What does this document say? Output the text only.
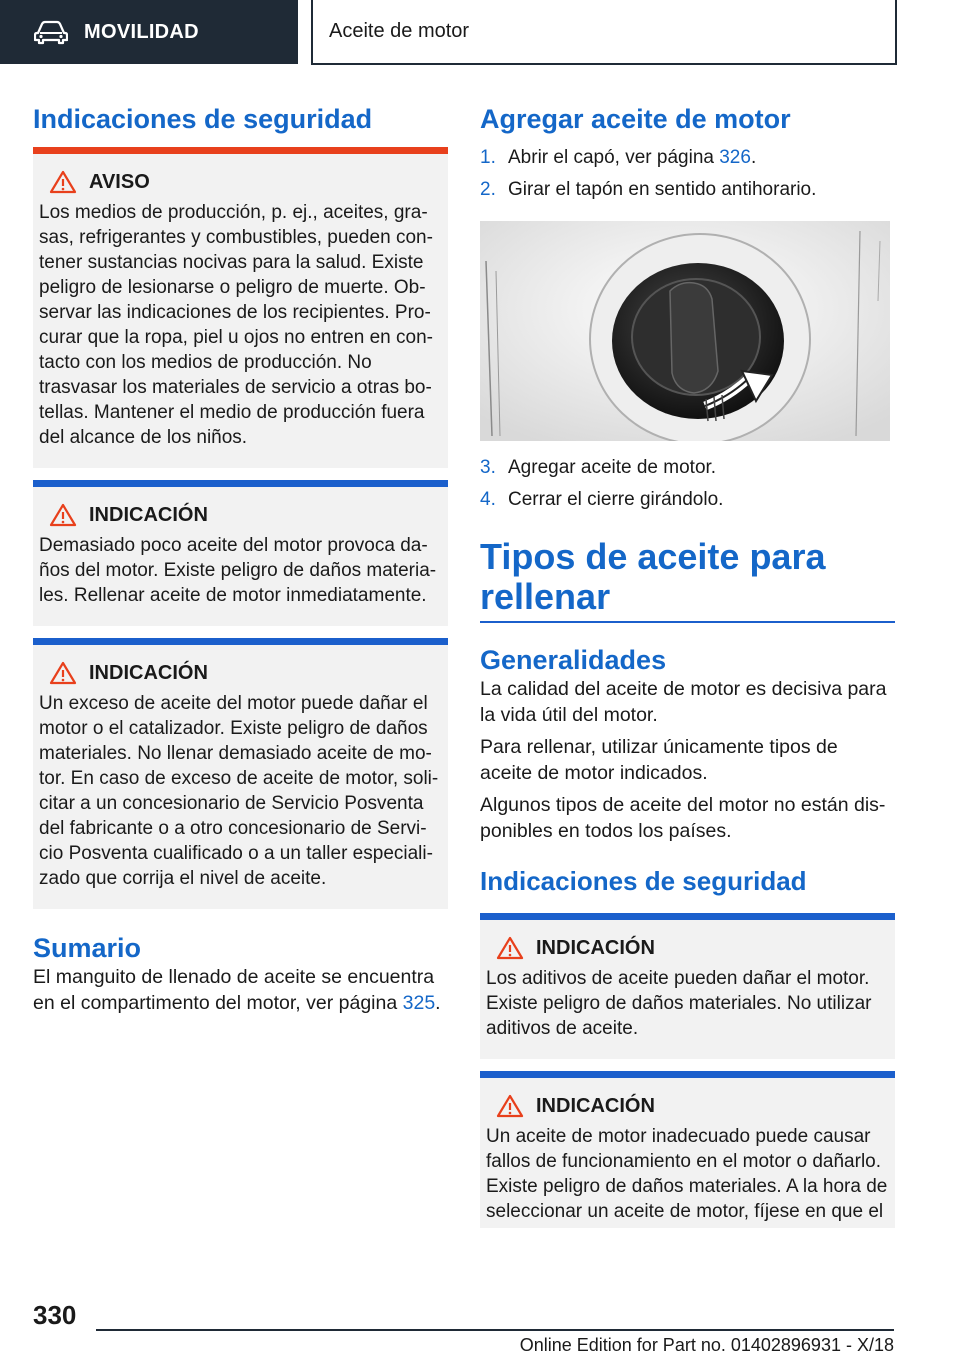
MOVILIDAD	Aceite de motor
Indicaciones de seguridad
AVISO

Los medios de producción, p. ej., aceites, gra-sas, refrigerantes y combustibles, pueden con-tener sustancias nocivas para la salud. Existe peligro de lesionarse o peligro de muerte. Ob-servar las indicaciones de los recipientes. Pro-curar que la ropa, piel u ojos no entren en con-tacto con los medios de producción. No trasvasar los materiales de servicio a otras bo-tellas. Mantener el medio de producción fuera del alcance de los niños.

INDICACIÓN

Demasiado poco aceite del motor provoca da-ños del motor. Existe peligro de daños materia-les. Rellenar aceite de motor inmediatamente.

INDICACIÓN

Un exceso de aceite del motor puede dañar el motor o el catalizador. Existe peligro de daños materiales. No llenar demasiado aceite de mo-tor. En caso de exceso de aceite de motor, soli-citar a un concesionario de Servicio Posventa del fabricante o a otro concesionario de Servi-cio Posventa cualificado o a un taller especiali-zado que corrija el nivel de aceite.

Sumario

El manguito de llenado de aceite se encuentra en el compartimento del motor, ver página 325.

Agregar aceite de motor
1. Abrir el capó, ver página 326.
2. Girar el tapón en sentido antihorario.
3. Agregar aceite de motor.
4. Cerrar el cierre girándolo.
Tipos de aceite para rellenar
Generalidades

La calidad del aceite de motor es decisiva para la vida útil del motor.

Para rellenar, utilizar únicamente tipos de aceite de motor indicados.

Algunos tipos de aceite del motor no están dis-ponibles en todos los países.

Indicaciones de seguridad
INDICACIÓN

Los aditivos de aceite pueden dañar el motor. Existe peligro de daños materiales. No utilizar aditivos de aceite.

INDICACIÓN

Un aceite de motor inadecuado puede causar fallos de funcionamiento en el motor o dañarlo. Existe peligro de daños materiales. A la hora de seleccionar un aceite de motor, fíjese en que el

330
Online Edition for Part no. 01402896931 - X/18
